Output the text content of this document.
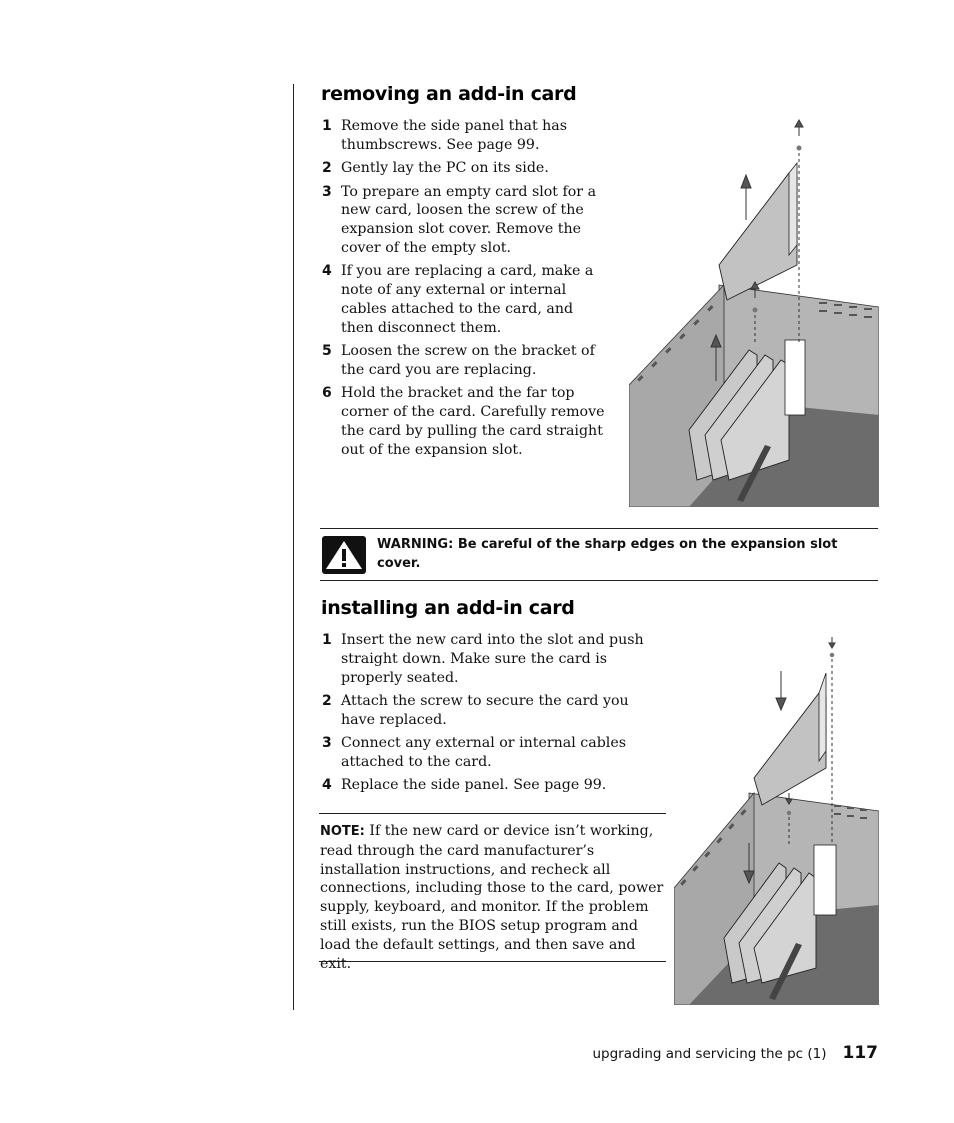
removing an add-in card
1 Remove the side panel that has thumbscrews. See page 99.
2 Gently lay the PC on its side.
3 To prepare an empty card slot for a new card, loosen the screw of the expansion slot cover. Remove the cover of the empty slot.
4 If you are replacing a card, make a note of any external or internal cables attached to the card, and then disconnect them.
5 Loosen the screw on the bracket of the card you are replacing.
6 Hold the bracket and the far top corner of the card. Carefully remove the card by pulling the card straight out of the expansion slot.
WARNING: Be careful of the sharp edges on the expansion slot cover.
installing an add-in card
1 Insert the new card into the slot and push straight down. Make sure the card is properly seated.
2 Attach the screw to secure the card you have replaced.
3 Connect any external or internal cables attached to the card.
4 Replace the side panel. See page 99.
NOTE: If the new card or device isn’t working, read through the card manufacturer’s installation instructions, and recheck all connections, including those to the card, power supply, keyboard, and monitor. If the problem still exists, run the BIOS setup program and load the default settings, and then save and exit.
upgrading and servicing the pc (1) 117
